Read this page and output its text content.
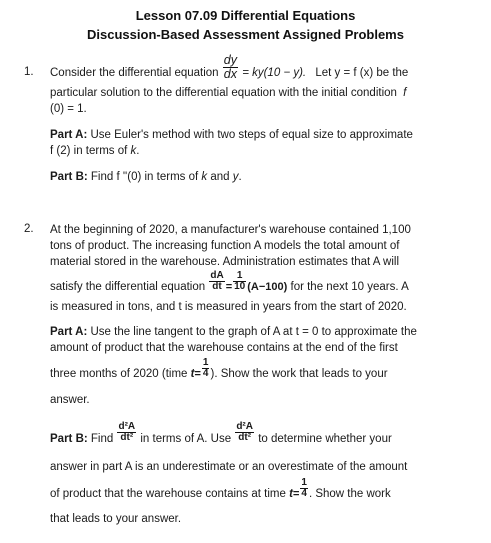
Lesson 07.09 Differential Equations
Discussion-Based Assessment Assigned Problems
1. Consider the differential equation $\frac{dy}{dx} = ky(10 - y)$. Let y = f (x) be the
particular solution to the differential equation with the initial condition f
(0) = 1.
Part A: Use Euler's method with two steps of equal size to approximate
f (2) in terms of k.
Part B: Find f ''(0) in terms of k and y.
2. At the beginning of 2020, a manufacturer's warehouse contained 1,100
tons of product. The increasing function A models the total amount of
material stored in the warehouse. Administration estimates that A will
satisfy the differential equation $\frac{dA}{dt} = \frac{1}{10} (A-100)$ for the next 10 years. A
is measured in tons, and t is measured in years from the start of 2020.
Part A: Use the line tangent to the graph of A at t = 0 to approximate the
amount of product that the warehouse contains at the end of the first
three months of 2020 (time $t= \frac{1}{4}$ ). Show the work that leads to your
answer.
Part B: Find $\frac{\text{d²A}}{\text{dt²}}$ in terms of A. Use $\frac{\text{d²A}}{\text{dt²}}$ to determine whether your
answer in part A is an underestimate or an overestimate of the amount
of product that the warehouse contains at time $t= \frac{1}{4}$ . Show the work
that leads to your answer.
